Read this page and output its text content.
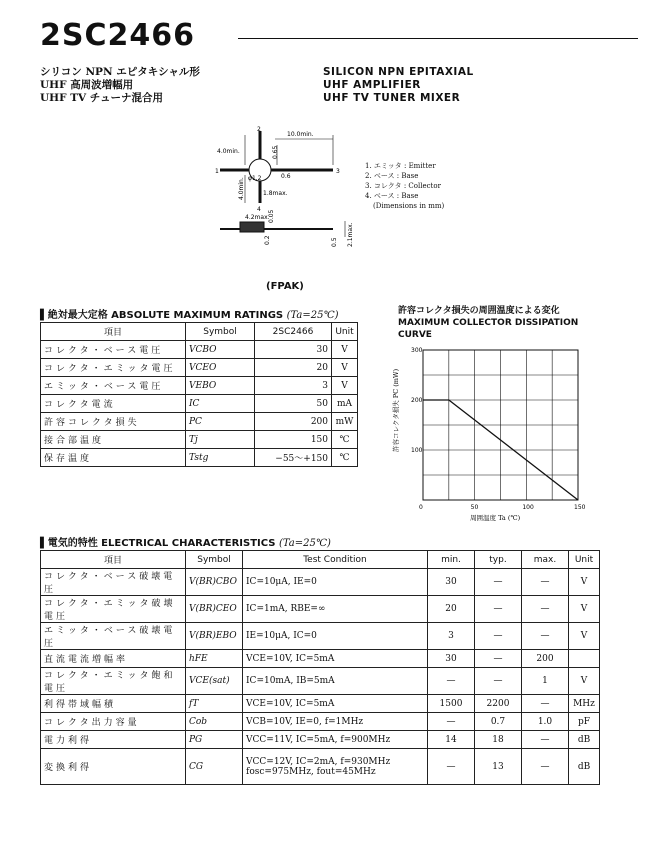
2SC2466
シリコン NPN エピタキシャル形
UHF 高周波増幅用
UHF TV チューナ混合用
SILICON NPN EPITAXIAL
UHF AMPLIFIER
UHF TV TUNER MIXER
10.0min.
4.0min.	0.65
0.6
1.8max.
4.0min.
4.2max.
0.05
0.2	2.1max.
0.5
φ1.2
1
2
3
4
1. エミッタ : Emitter
2. ベース : Base
3. コレクタ : Collector
4. ベース : Base
(Dimensions in mm)
(FPAK)
▌絶対最大定格 ABSOLUTE MAXIMUM RATINGS (Ta=25℃)
項目	Symbol	2SC2466	Unit
コレクタ・ベース電圧	VCBO	30	V
コレクタ・エミッタ電圧	VCEO	20	V
エミッタ・ベース電圧	VEBO	3	V
コレクタ電流	IC	50	mA
許容コレクタ損失	PC	200	mW
接合部温度	Tj	150	℃
保存温度	Tstg	−55〜+150	℃
許容コレクタ損失の周囲温度による変化
MAXIMUM COLLECTOR DISSIPATION
CURVE
0	50	100	150
100
200
300
許容コレクタ損失 PC (mW)
周囲温度 Ta (℃)
▌電気的特性 ELECTRICAL CHARACTERISTICS (Ta=25℃)
項目	Symbol	Test Condition	min.	typ.	max.	Unit
コレクタ・ベース破壊電圧	V(BR)CBO	IC=10μA, IE=0	30	—	—	V
コレクタ・エミッタ破壊電圧	V(BR)CEO	IC=1mA, RBE=∞	20	—	—	V
エミッタ・ベース破壊電圧	V(BR)EBO	IE=10μA, IC=0	3	—	—	V
直流電流増幅率	hFE	VCE=10V, IC=5mA	30	—	200	
コレクタ・エミッタ飽和電圧	VCE(sat)	IC=10mA, IB=5mA	—	—	1	V
利得帯域幅積	fT	VCE=10V, IC=5mA	1500	2200	—	MHz
コレクタ出力容量	Cob	VCB=10V, IE=0, f=1MHz	—	0.7	1.0	pF
電力利得	PG	VCC=11V, IC=5mA, f=900MHz	14	18	—	dB
変換利得	CG	VCC=12V, IC=2mA, f=930MHz
fosc=975MHz, fout=45MHz	—	13	—	dB
